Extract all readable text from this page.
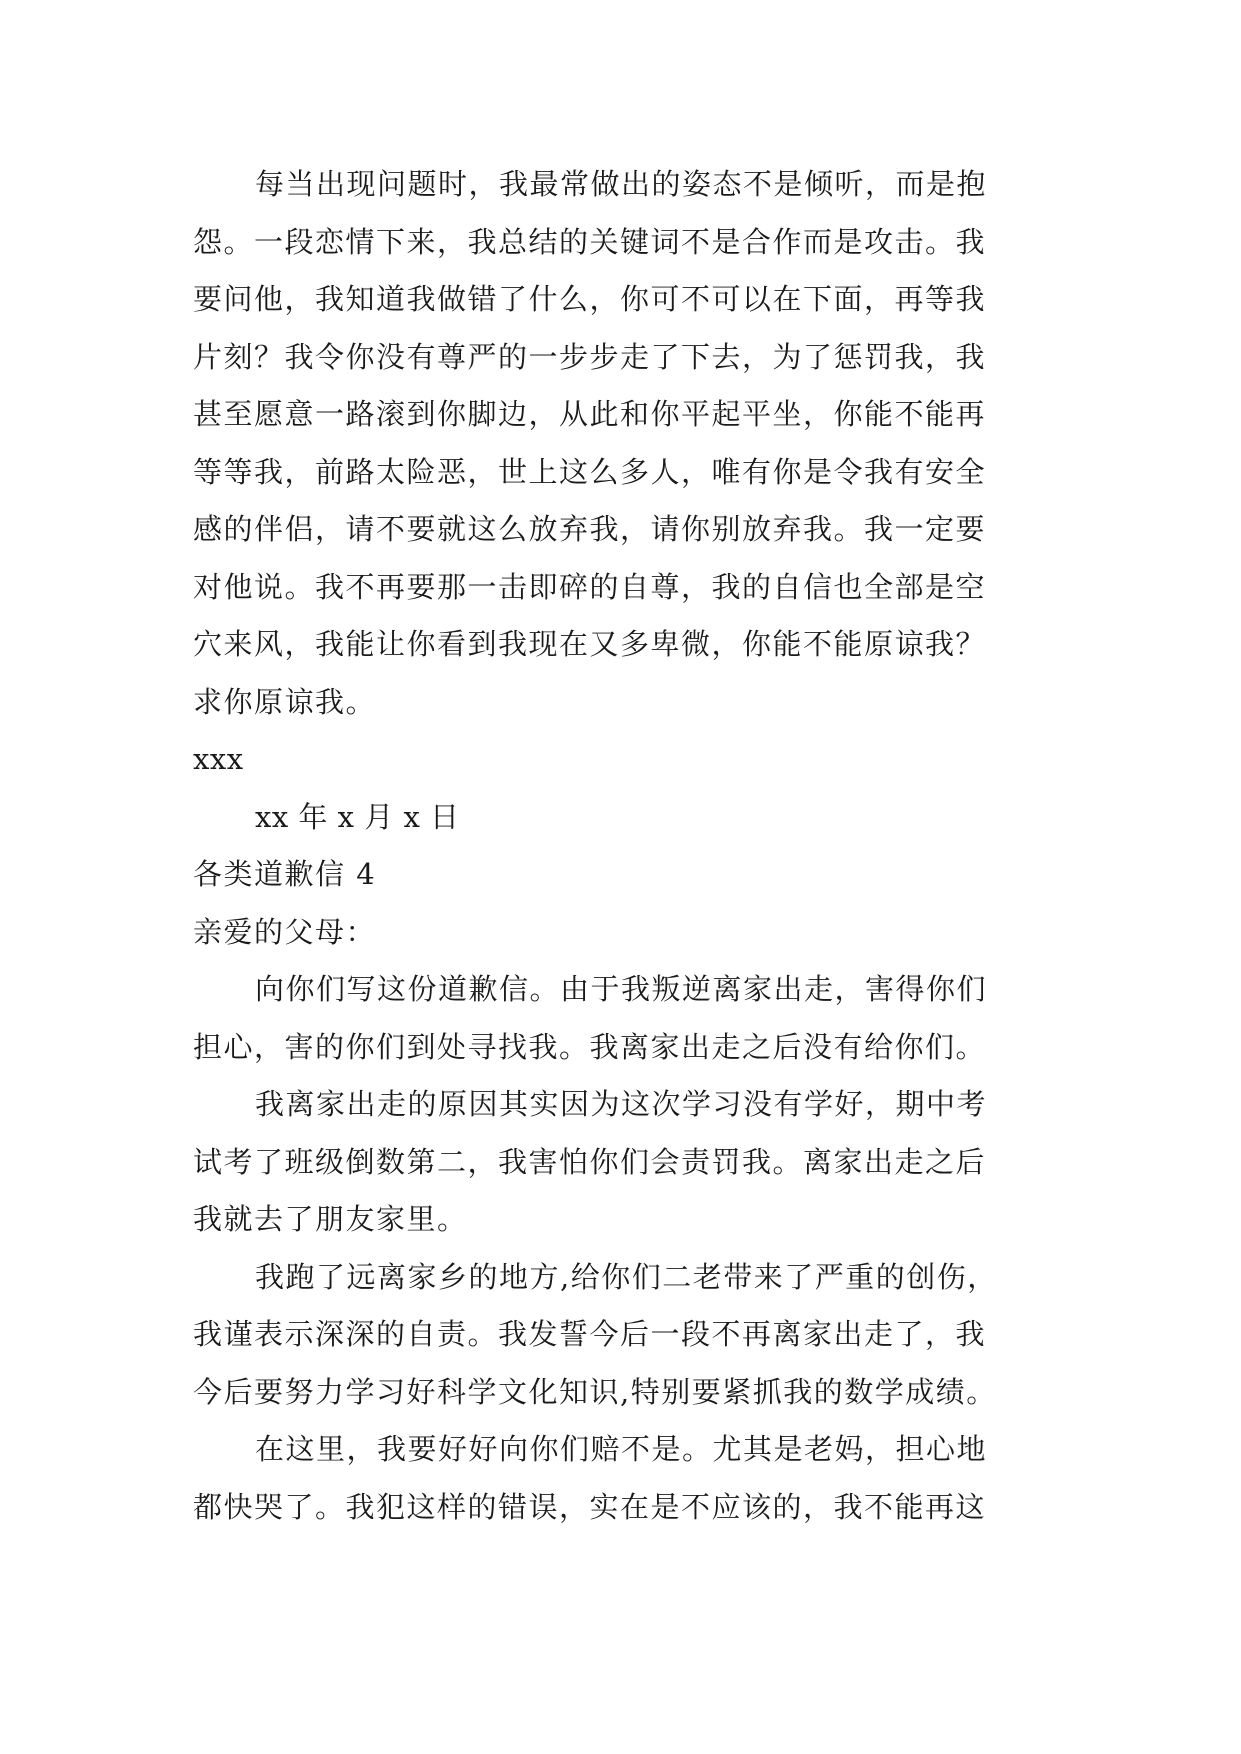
每当出现问题时，我最常做出的姿态不是倾听，而是抱
怨。一段恋情下来，我总结的关键词不是合作而是攻击。我
要问他，我知道我做错了什么，你可不可以在下面，再等我
片刻？我令你没有尊严的一步步走了下去，为了惩罚我，我
甚至愿意一路滚到你脚边，从此和你平起平坐，你能不能再
等等我，前路太险恶，世上这么多人，唯有你是令我有安全
感的伴侣，请不要就这么放弃我，请你别放弃我。我一定要
对他说。我不再要那一击即碎的自尊，我的自信也全部是空
穴来风，我能让你看到我现在又多卑微，你能不能原谅我？
求你原谅我。
xxx
xx 年 x 月 x 日
各类道歉信 4
亲爱的父母：
向你们写这份道歉信。由于我叛逆离家出走，害得你们
担心，害的你们到处寻找我。我离家出走之后没有给你们。
我离家出走的原因其实因为这次学习没有学好，期中考
试考了班级倒数第二，我害怕你们会责罚我。离家出走之后
我就去了朋友家里。
我跑了远离家乡的地方,给你们二老带来了严重的创伤，
我谨表示深深的自责。我发誓今后一段不再离家出走了，我
今后要努力学习好科学文化知识,特别要紧抓我的数学成绩。
在这里，我要好好向你们赔不是。尤其是老妈，担心地
都快哭了。我犯这样的错误，实在是不应该的，我不能再这
